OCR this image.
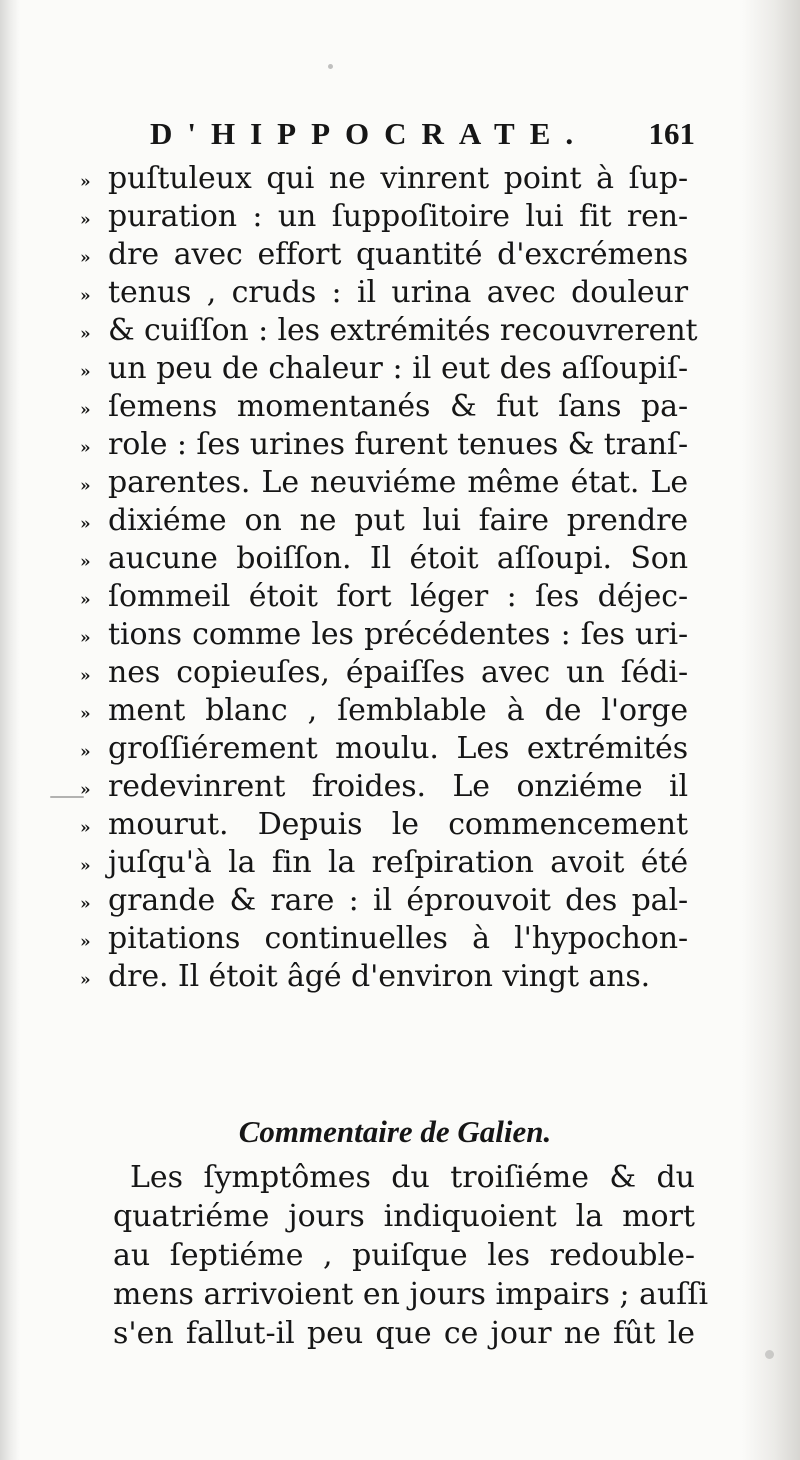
D'HIPPOCRATE. 161
» puſtuleux qui ne vinrent point à ſup-
» puration : un ſuppoſitoire lui fit ren-
» dre avec effort quantité d'excrémens
» tenus , cruds : il urina avec douleur
» & cuiſſon : les extrémités recouvrerent
» un peu de chaleur : il eut des aſſoupiſ-
» ſemens momentanés & fut ſans pa-
» role : ſes urines furent tenues & tranſ-
» parentes. Le neuviéme même état. Le
» dixiéme on ne put lui faire prendre
» aucune boiſſon. Il étoit aſſoupi. Son
» ſommeil étoit fort léger : ſes déjec-
» tions comme les précédentes : ſes uri-
» nes copieuſes, épaiſſes avec un ſédi-
» ment blanc , ſemblable à de l'orge
» groſſiérement moulu. Les extrémités
» redevinrent froides. Le onziéme il
» mourut. Depuis le commencement
» juſqu'à la fin la reſpiration avoit été
» grande & rare : il éprouvoit des pal-
» pitations continuelles à l'hypochon-
» dre. Il étoit âgé d'environ vingt ans.
Commentaire de Galien.
Les ſymptômes du troiſiéme & du
quatriéme jours indiquoient la mort
au ſeptiéme , puiſque les redouble-
mens arrivoient en jours impairs ; auſſi
s'en fallut-il peu que ce jour ne fût le
